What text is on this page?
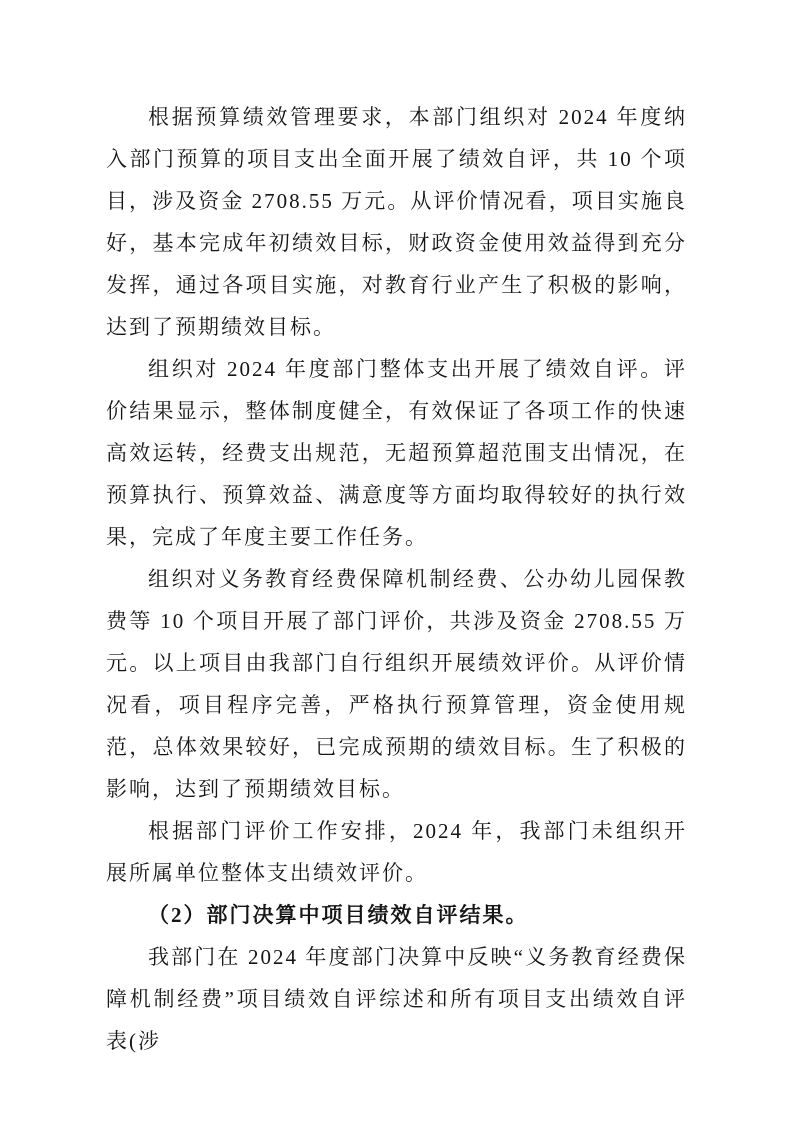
根据预算绩效管理要求，本部门组织对 2024 年度纳入部门预算的项目支出全面开展了绩效自评，共 10 个项目，涉及资金 2708.55 万元。从评价情况看，项目实施良好，基本完成年初绩效目标，财政资金使用效益得到充分发挥，通过各项目实施，对教育行业产生了积极的影响，达到了预期绩效目标。

组织对 2024 年度部门整体支出开展了绩效自评。评价结果显示，整体制度健全，有效保证了各项工作的快速高效运转，经费支出规范，无超预算超范围支出情况，在预算执行、预算效益、满意度等方面均取得较好的执行效果，完成了年度主要工作任务。

组织对义务教育经费保障机制经费、公办幼儿园保教费等 10 个项目开展了部门评价，共涉及资金 2708.55 万元。以上项目由我部门自行组织开展绩效评价。从评价情况看，项目程序完善，严格执行预算管理，资金使用规范，总体效果较好，已完成预期的绩效目标。生了积极的影响，达到了预期绩效目标。

根据部门评价工作安排，2024 年，我部门未组织开展所属单位整体支出绩效评价。

（2）部门决算中项目绩效自评结果。

我部门在 2024 年度部门决算中反映“义务教育经费保障机制经费”项目绩效自评综述和所有项目支出绩效自评表(涉
